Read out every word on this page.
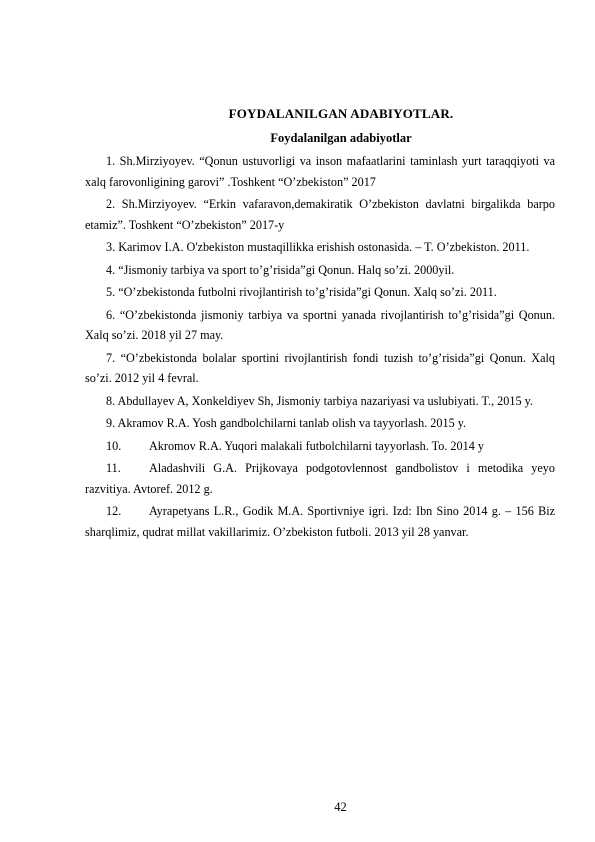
FOYDALANILGAN ADABIYOTLAR.
Foydalanilgan adabiyotlar

1. Sh.Mirziyoyev. “Qonun ustuvorligi va inson mafaatlarini taminlash yurt taraqqiyoti va xalq farovonligining garovi” .Toshkent “O’zbekiston” 2017

2. Sh.Mirziyoyev. “Erkin vafaravon,demakiratik O’zbekiston davlatni birgalikda barpo etamiz”. Toshkent “O’zbekiston” 2017-y

3. Karimov I.A. O'zbekiston mustaqillikka erishish ostonasida. – T. O’zbekiston. 2011.

4. “Jismoniy tarbiya va sport to’g’risida”gi Qonun. Halq so’zi. 2000yil.

5. “O’zbekistonda futbolni rivojlantirish to’g’risida”gi Qonun. Xalq so’zi. 2011.

6. “O’zbekistonda jismoniy tarbiya va sportni yanada rivojlantirish to’g’risida”gi Qonun. Xalq so’zi. 2018 yil 27 may.

7. “O’zbekistonda bolalar sportini rivojlantirish fondi tuzish to’g’risida”gi Qonun. Xalq so’zi. 2012 yil 4 fevral.

8. Abdullayev A, Xonkeldiyev Sh, Jismoniy tarbiya nazariyasi va uslubiyati. T., 2015 y.

9. Akramov R.A. Yosh gandbolchilarni tanlab olish va tayyorlash. 2015 y.

10. Akromov R.A. Yuqori malakali futbolchilarni tayyorlash. To. 2014 y

11. Aladashvili G.A. Prijkovaya podgotovlennost gandbolistov i metodika yeyo razvitiya. Avtoref. 2012 g.

12. Ayrapetyans L.R., Godik M.A. Sportivniye igri. Izd: Ibn Sino 2014 g. – 156 Biz sharqlimiz, qudrat millat vakillarimiz. O’zbekiston futboli. 2013 yil 28 yanvar.

42
